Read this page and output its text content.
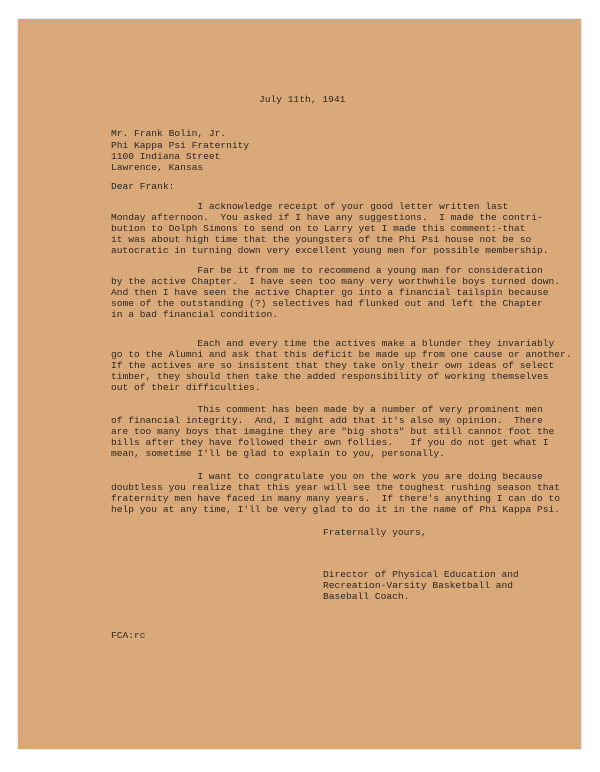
July 11th, 1941

Mr. Frank Bolin, Jr.

Phi Kappa Psi Fraternity

1100 Indiana Street

Lawrence, Kansas

Dear Frank:

I acknowledge receipt of your good letter written last

Monday afternoon.  You asked if I have any suggestions.  I made the contri-

bution to Dolph Simons to send on to Larry yet I made this comment:-that

it was about high time that the youngsters of the Phi Psi house not be so

autocratic in turning down very excellent young men for possible membership.

Far be it from me to recommend a young man for consideration

by the active Chapter.  I have seen too many very worthwhile boys turned down.

And then I have seen the active Chapter go into a financial tailspin because

some of the outstanding (?) selectives had flunked out and left the Chapter

in a bad financial condition.

Each and every time the actives make a blunder they invariably

go to the Alumni and ask that this deficit be made up from one cause or another.

If the actives are so insistent that they take only their own ideas of select

timber, they should then take the added responsibility of working themselves

out of their difficulties.

This comment has been made by a number of very prominent men

of financial integrity.  And, I might add that it's also my opinion.  There

are too many boys that imagine they are "big shots" but still cannot foot the

bills after they have followed their own follies.   If you do not get what I

mean, sometime I'll be glad to explain to you, personally.

I want to congratulate you on the work you are doing because

doubtless you realize that this year will see the toughest rushing season that

fraternity men have faced in many many years.  If there's anything I can do to

help you at any time, I'll be very glad to do it in the name of Phi Kappa Psi.

Fraternally yours,

Director of Physical Education and

Recreation-Varsity Basketball and

Baseball Coach.

FCA:rc
